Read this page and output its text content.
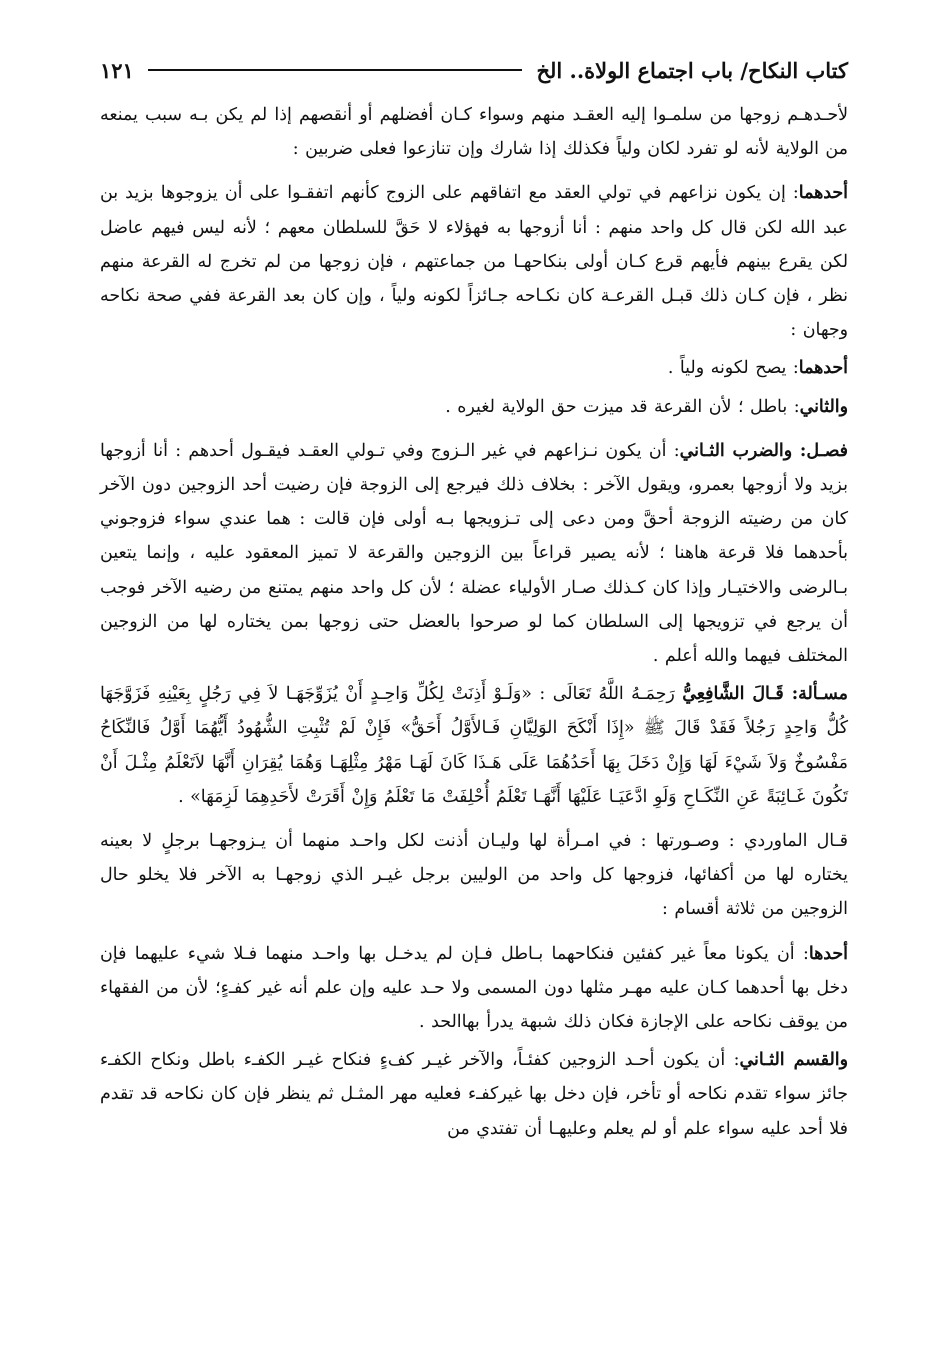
كتاب النكاح/ باب اجتماع الولاة.. الخ
١٢١

لأحـدهـم زوجها من سلمـوا إليه العقـد منهم وسواء كـان أفضلهم أو أنقصهم إذا لم يكن بـه سبب يمنعه من الولاية لأنه لو تفرد لكان ولياً فكذلك إذا شارك وإن تنازعوا فعلى ضربين :

أحدهما: إن يكون نزاعهم في تولي العقد مع اتفاقهم على الزوج كأنهم اتفقـوا على أن يزوجوها بزيد بن عبد الله لكن قال كل واحد منهم : أنا أزوجها به فهؤلاء لا حَقَّ للسلطان معهم ؛ لأنه ليس فيهم عاضل لكن يقرع بينهم فأيهم قرع كـان أولى بنكاحهـا من جماعتهم ، فإن زوجها من لم تخرج له القرعة منهم نظر ، فإن كـان ذلك قبـل القرعـة كان نكـاحه جـائزاً لكونه ولياً ، وإن كان بعد القرعة ففي صحة نكاحه وجهان :

أحدهما: يصح لكونه ولياً .

والثاني: باطل ؛ لأن القرعة قد ميزت حق الولاية لغيره .

فصـل: والضرب الثـاني: أن يكون نـزاعهم في غير الـزوج وفي تـولي العقـد فيقـول أحدهم : أنا أزوجها بزيد ولا أزوجها بعمرو، ويقول الآخر : بخلاف ذلك فيرجع إلى الزوجة فإن رضيت أحد الزوجين دون الآخر كان من رضيته الزوجة أحقَّ ومن دعى إلى تـزويجها بـه أولى فإن قالت : هما عندي سواء فزوجوني بأحدهما فلا قرعة هاهنا ؛ لأنه يصير قراعاً بين الزوجين والقرعة لا تميز المعقود عليه ، وإنما يتعين بـالرضى والاختيـار وإذا كان كـذلك صـار الأولياء عضلة ؛ لأن كل واحد منهم يمتنع من رضيه الآخر فوجب أن يرجع في تزويجها إلى السلطان كما لو صرحوا بالعضل حتى زوجها بمن يختاره لها من الزوجين المختلف فيهما والله أعلم .

مسـألة: قَـالَ الشَّافِعِيُّ رَحِمَـهُ اللَّهُ تَعَالَى : «وَلَـوْ أَذِنَتْ لِكُلِّ وَاحِـدٍ أَنْ يُزَوِّجَهَـا لاَ فِي رَجُلٍ بِعَيْنِهِ فَزَوَّجَهَا كُلُّ وَاحِدٍ رَجُلاً فَقَدْ قَالَ ﷺ «إِذَا أَنْكَحَ الوَلِيَّانِ فَـالأَوَّلُ أَحَقُّ» فَإِنْ لَمْ تُثْبِتِ الشُّهُودُ أَيُّهُمَا أَوَّلُ فَالنِّكَاحُ مَفْسُوخٌ وَلاَ شَيْءَ لَهَا وَإِنْ دَخَلَ بِهَا أَحَدُهُمَا عَلَى هَـذَا كَانَ لَهَـا مَهْرُ مِثْلِهَـا وَهُمَا يُقِرَانِ أَنَّهَا لاَتَعْلَمُ مِثْـلَ أَنْ تَكُونَ غَـائِبَةً عَنِ النِّكَـاحِ وَلَوِ ادَّعَيَـا عَلَيْهَا أَنَّهَـا تَعْلَمُ أُحْلِفَتْ مَا تَعْلَمُ وَإِنْ أَقَرَتْ لأَحَدِهِمَا لَزِمَهَا» .

قـال الماوردي : وصـورتها : في امـرأة لها وليـان أذنت لكل واحـد منهما أن يـزوجهـا برجلٍ لا بعينه يختاره لها من أكفائها، فزوجها كل واحد من الوليين برجل غيـر الذي زوجهـا به الآخر فلا يخلو حال الزوجين من ثلاثة أقسام :

أحدها: أن يكونا معاً غير كفئين فنكاحهما بـاطل فـإن لم يدخـل بها واحـد منهما فـلا شيء عليهما فإن دخل بها أحدهما كـان عليه مهـر مثلها دون المسمى ولا حـد عليه وإن علم أنه غير كفـءٍ؛ لأن من الفقهاء من يوقف نكاحه على الإجازة فكان ذلك شبهة يدرأ بهاالحد .

والقسم الثـاني: أن يكون أحـد الزوجين كفئـاً، والآخر غيـر كفءٍ فنكاح غيـر الكفـء باطل ونكاح الكفـء جائز سواء تقدم نكاحه أو تأخر، فإن دخل بها غيركفـء فعليه مهر المثـل ثم ينظر فإن كان نكاحه قد تقدم فلا أحد عليه سواء علم أو لم يعلم وعليهـا أن تفتدي من
